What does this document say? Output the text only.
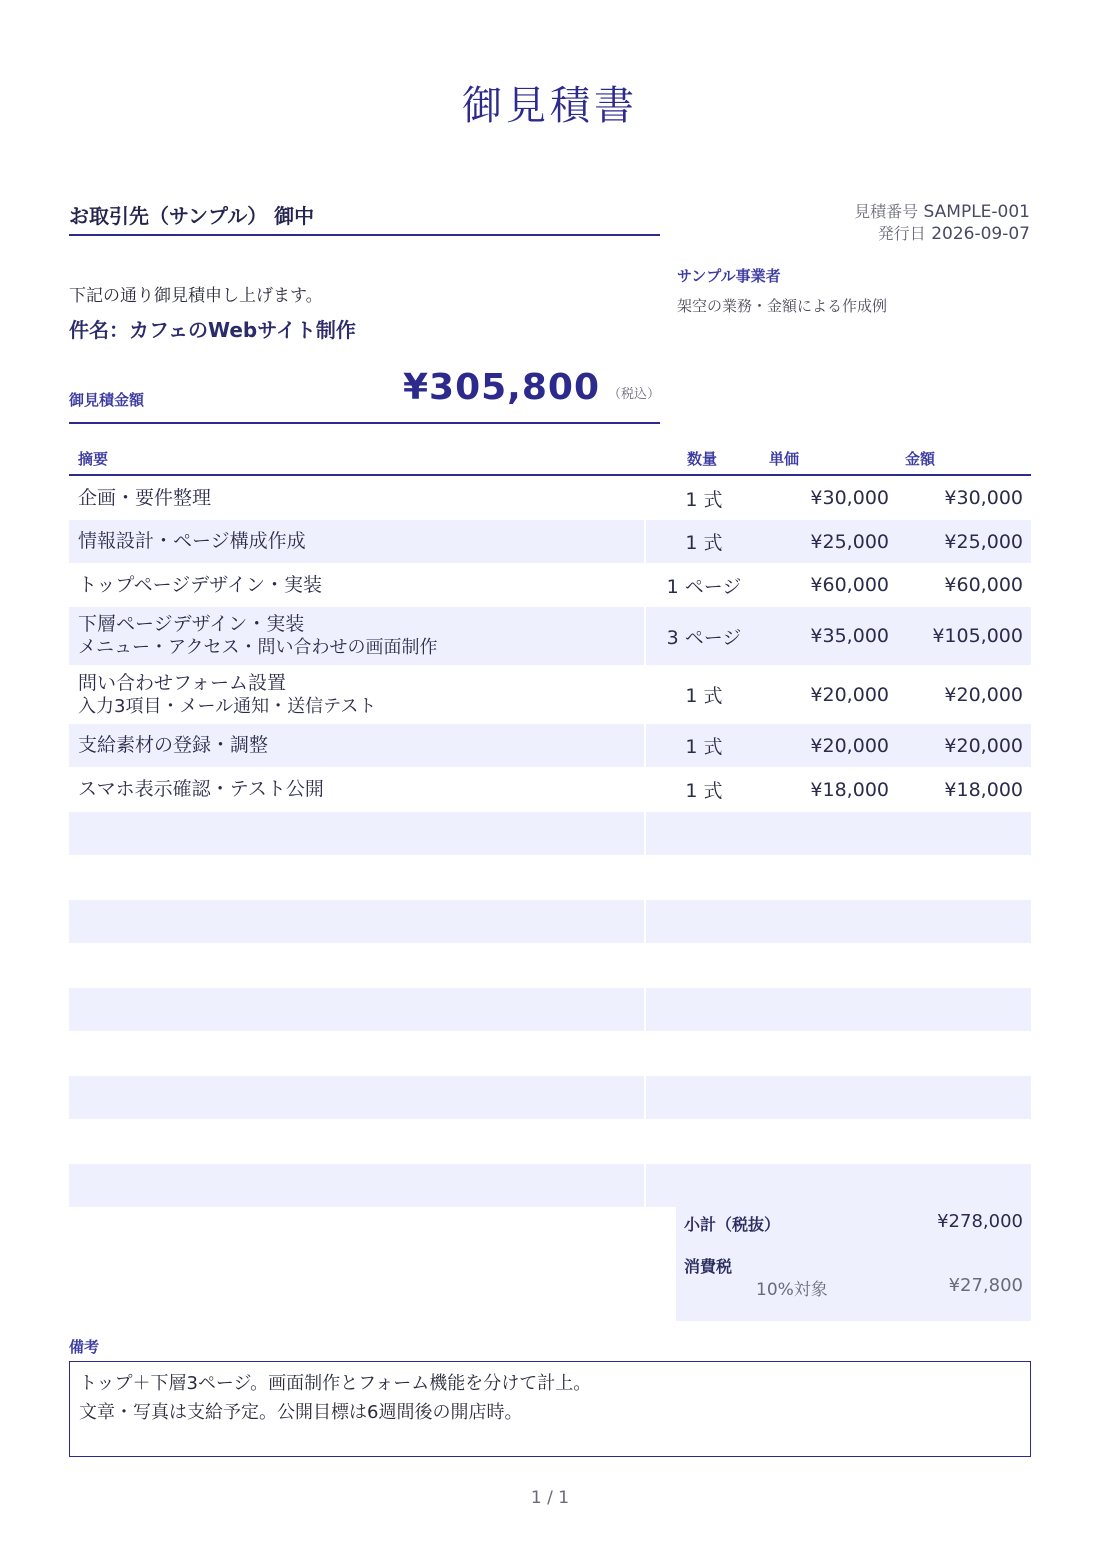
御見積書
お取引先（サンプル） 御中	見積番号 SAMPLE-001
発行日 2026-09-07
下記の通り御見積申し上げます。
件名：カフェのWebサイト制作
サンプル事業者
架空の業務・金額による作成例
御見積金額	¥305,800 （税込）
摘要	数量	単価	金額
企画・要件整理	1 式	¥30,000	¥30,000
情報設計・ページ構成作成	1 式	¥25,000	¥25,000
トップページデザイン・実装	1 ページ	¥60,000	¥60,000
下層ページデザイン・実装
メニュー・アクセス・問い合わせの画面制作	3 ページ	¥35,000	¥105,000
問い合わせフォーム設置
入力3項目・メール通知・送信テスト	1 式	¥20,000	¥20,000
支給素材の登録・調整	1 式	¥20,000	¥20,000
スマホ表示確認・テスト公開	1 式	¥18,000	¥18,000
小計（税抜）	¥278,000
消費税
10%対象	¥27,800
備考
トップ＋下層3ページ。画面制作とフォーム機能を分けて計上。
文章・写真は支給予定。公開目標は6週間後の開店時。
1 / 1
